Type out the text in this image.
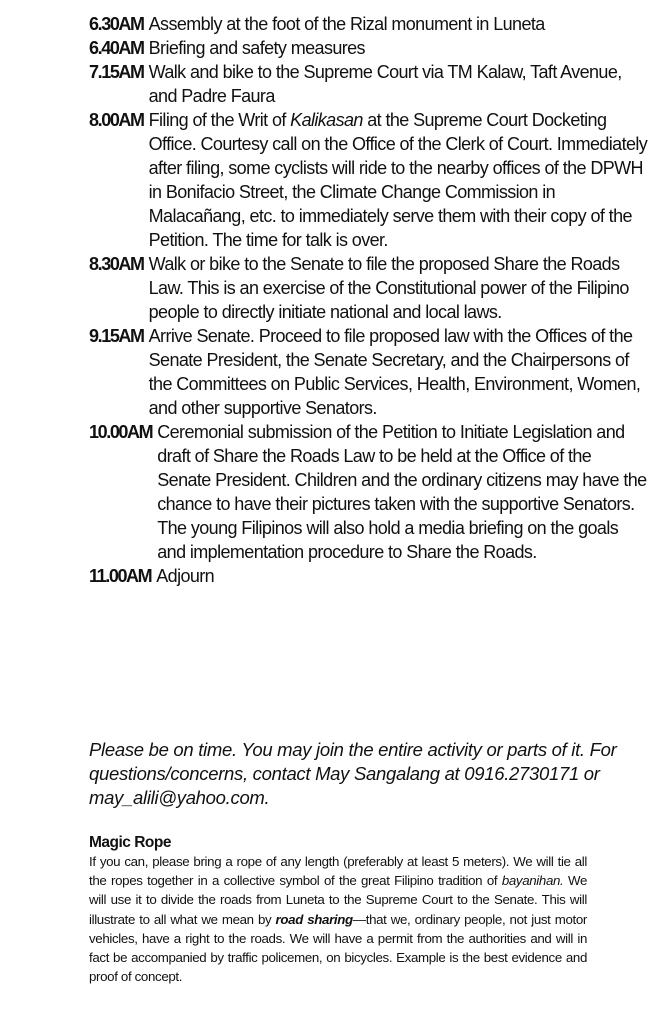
6.30AM Assembly at the foot of the Rizal monument in Luneta
6.40AM Briefing and safety measures
7.15AM Walk and bike to the Supreme Court via TM Kalaw, Taft Avenue, and Padre Faura
8.00AM Filing of the Writ of Kalikasan at the Supreme Court Docketing Office. Courtesy call on the Office of the Clerk of Court. Immediately after filing, some cyclists will ride to the nearby offices of the DPWH in Bonifacio Street, the Climate Change Commission in Malacañang, etc. to immediately serve them with their copy of the Petition. The time for talk is over.
8.30AM Walk or bike to the Senate to file the proposed Share the Roads Law. This is an exercise of the Constitutional power of the Filipino people to directly initiate national and local laws.
9.15AM Arrive Senate. Proceed to file proposed law with the Offices of the Senate President, the Senate Secretary, and the Chairpersons of the Committees on Public Services, Health, Environment, Women, and other supportive Senators.
10.00AM Ceremonial submission of the Petition to Initiate Legislation and draft of Share the Roads Law to be held at the Office of the Senate President. Children and the ordinary citizens may have the chance to have their pictures taken with the supportive Senators. The young Filipinos will also hold a media briefing on the goals and implementation procedure to Share the Roads.
11.00AM Adjourn
Please be on time. You may join the entire activity or parts of it. For questions/concerns, contact May Sangalang at 0916.2730171 or may_alili@yahoo.com.
Magic Rope
If you can, please bring a rope of any length (preferably at least 5 meters). We will tie all the ropes together in a collective symbol of the great Filipino tradition of bayanihan. We will use it to divide the roads from Luneta to the Supreme Court to the Senate. This will illustrate to all what we mean by road sharing—that we, ordinary people, not just motor vehicles, have a right to the roads. We will have a permit from the authorities and will in fact be accompanied by traffic policemen, on bicycles. Example is the best evidence and proof of concept.
